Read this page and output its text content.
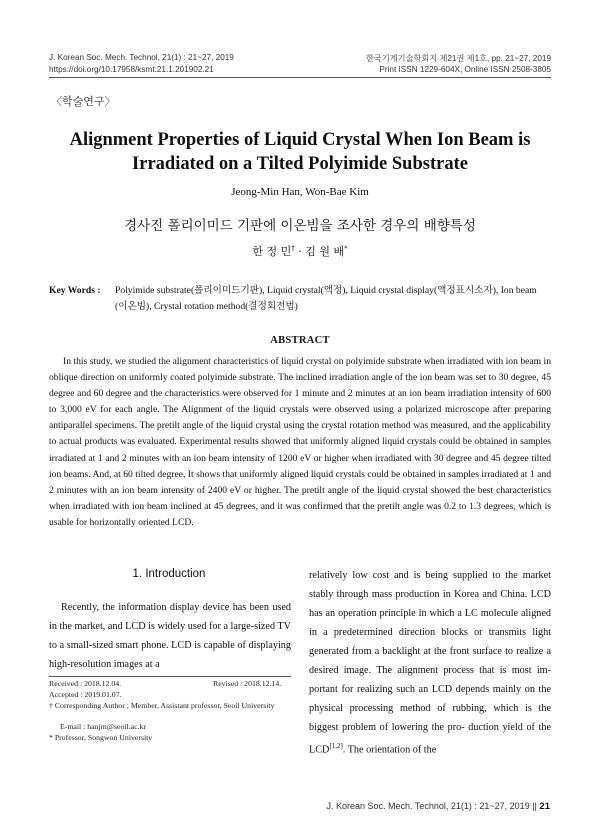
J. Korean Soc. Mech. Technol, 21(1) : 21~27, 2019
https://doi.org/10.17958/ksmt.21.1.201902.21
한국기계기술학회지 제21권 제1호, pp. 21~27, 2019
Print ISSN 1229-604X, Online ISSN 2508-3805
〈학술연구〉
Alignment Properties of Liquid Crystal When Ion Beam is
Irradiated on a Tilted Polyimide Substrate
Jeong-Min Han, Won-Bae Kim
경사진 폴리이미드 기판에 이온빔을 조사한 경우의 배향특성
한 정 민† · 김 원 배*
Key Words : Polyimide substrate(폴리이미드기판), Liquid crystal(액정), Liquid crystal display(액정표시소자), Ion beam (이온빔), Crystal rotation method(결정회전법)
ABSTRACT

In this study, we studied the alignment characteristics of liquid crystal on polyimide substrate when irradiated with ion beam in oblique direction on uniformly coated polyimide substrate. The inclined irradiation angle of the ion beam was set to 30 degree, 45 degree and 60 degree and the characteristics were observed for 1 minute and 2 minutes at an ion beam irradiation intensity of 600 to 3,000 eV for each angle. The Alignment of the liquid crystals were observed using a polarized microscope after preparing antiparallel specimens. The pretilt angle of the liquid crystal using the crystal rotation method was measured, and the applicability to actual products was evaluated. Experimental results showed that uniformly aligned liquid crystals could be obtained in samples irradiated at 1 and 2 minutes with an ion beam intensity of 1200 eV or higher when irradiated with 30 degree and 45 degree tilted ion beams. And, at 60 tilted degree, It shows that uniformly aligned liquid crystals could be obtained in samples irradiated at 1 and 2 minutes with an ion beam intensity of 2400 eV or higher. The pretilt angle of the liquid crystal showed the best characteristics when irradiated with ion beam inclined at 45 degrees, and it was confirmed that the pretilt angle was 0.2 to 1.3 degrees, which is usable for horizontally oriented LCD.

1. Introduction

Recently, the information display device has been used in the market, and LCD is widely used for a large-sized TV to a small-sized smart phone. LCD is capable of displaying high-resolution images at a

relatively low cost and is being supplied to the market stably through mass production in Korea and China. LCD has an operation principle in which a LC molecule aligned in a predetermined direction blocks or transmits light generated from a backlight at the front surface to realize a desired image. The alignment process that is most im- portant for realizing such an LCD depends mainly on the physical processing method of rubbing, which is the biggest problem of lowering the pro- duction yield of the LCD[1,2]. The orientation of the

Received : 2018.12.04.	Revised : 2018.12.14.
Accepted : 2019.01.07.
† Corresponding Author ; Member, Assistant professor, Seoil University
E-mail : hanjm@seoil.ac.kr
* Professor, Songwon University
J. Korean Soc. Mech. Technol, 21(1) : 21~27, 2019 || 21
